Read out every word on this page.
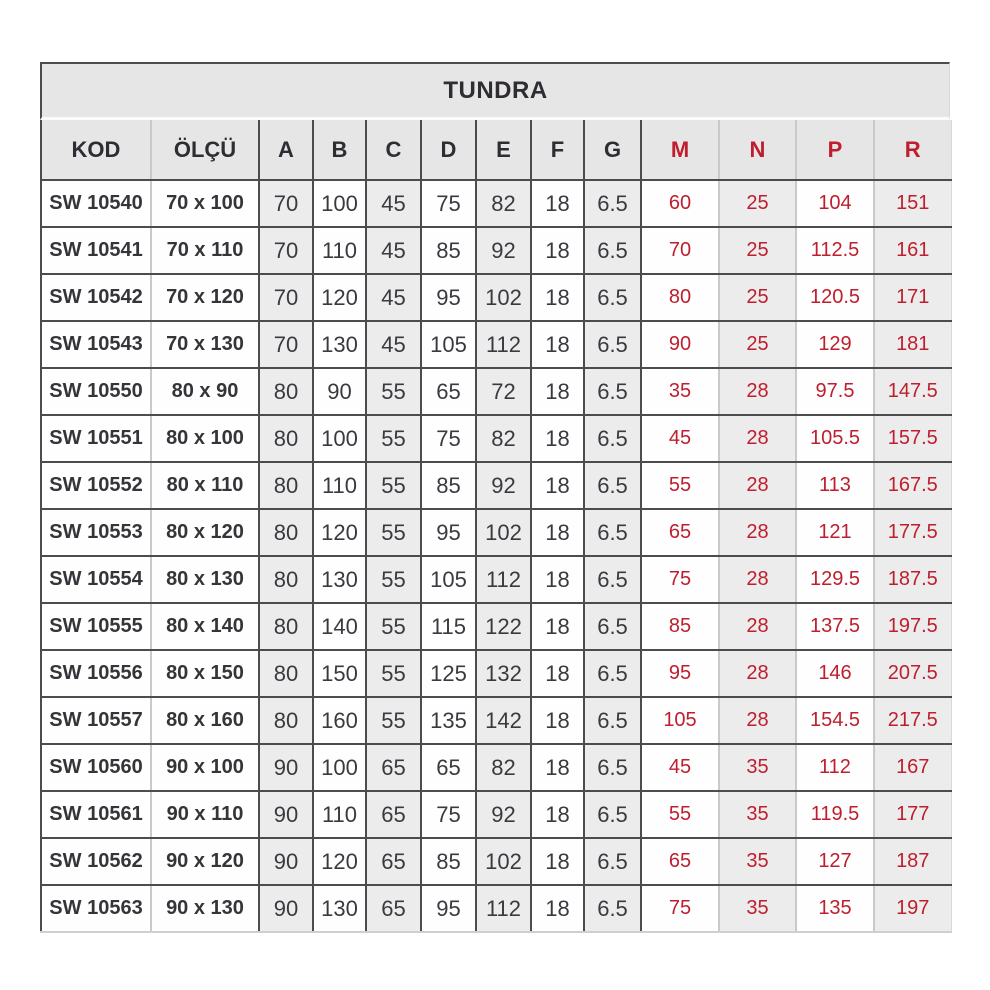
TUNDRA
KOD	ÖLÇÜ	A	B	C	D	E	F	G	M	N	P	R
SW 10540	70 x 100	70	100	45	75	82	18	6.5	60	25	104	151
SW 10541	70 x 110	70	110	45	85	92	18	6.5	70	25	112.5	161
SW 10542	70 x 120	70	120	45	95	102	18	6.5	80	25	120.5	171
SW 10543	70 x 130	70	130	45	105	112	18	6.5	90	25	129	181
SW 10550	80 x 90	80	90	55	65	72	18	6.5	35	28	97.5	147.5
SW 10551	80 x 100	80	100	55	75	82	18	6.5	45	28	105.5	157.5
SW 10552	80 x 110	80	110	55	85	92	18	6.5	55	28	113	167.5
SW 10553	80 x 120	80	120	55	95	102	18	6.5	65	28	121	177.5
SW 10554	80 x 130	80	130	55	105	112	18	6.5	75	28	129.5	187.5
SW 10555	80 x 140	80	140	55	115	122	18	6.5	85	28	137.5	197.5
SW 10556	80 x 150	80	150	55	125	132	18	6.5	95	28	146	207.5
SW 10557	80 x 160	80	160	55	135	142	18	6.5	105	28	154.5	217.5
SW 10560	90 x 100	90	100	65	65	82	18	6.5	45	35	112	167
SW 10561	90 x 110	90	110	65	75	92	18	6.5	55	35	119.5	177
SW 10562	90 x 120	90	120	65	85	102	18	6.5	65	35	127	187
SW 10563	90 x 130	90	130	65	95	112	18	6.5	75	35	135	197
